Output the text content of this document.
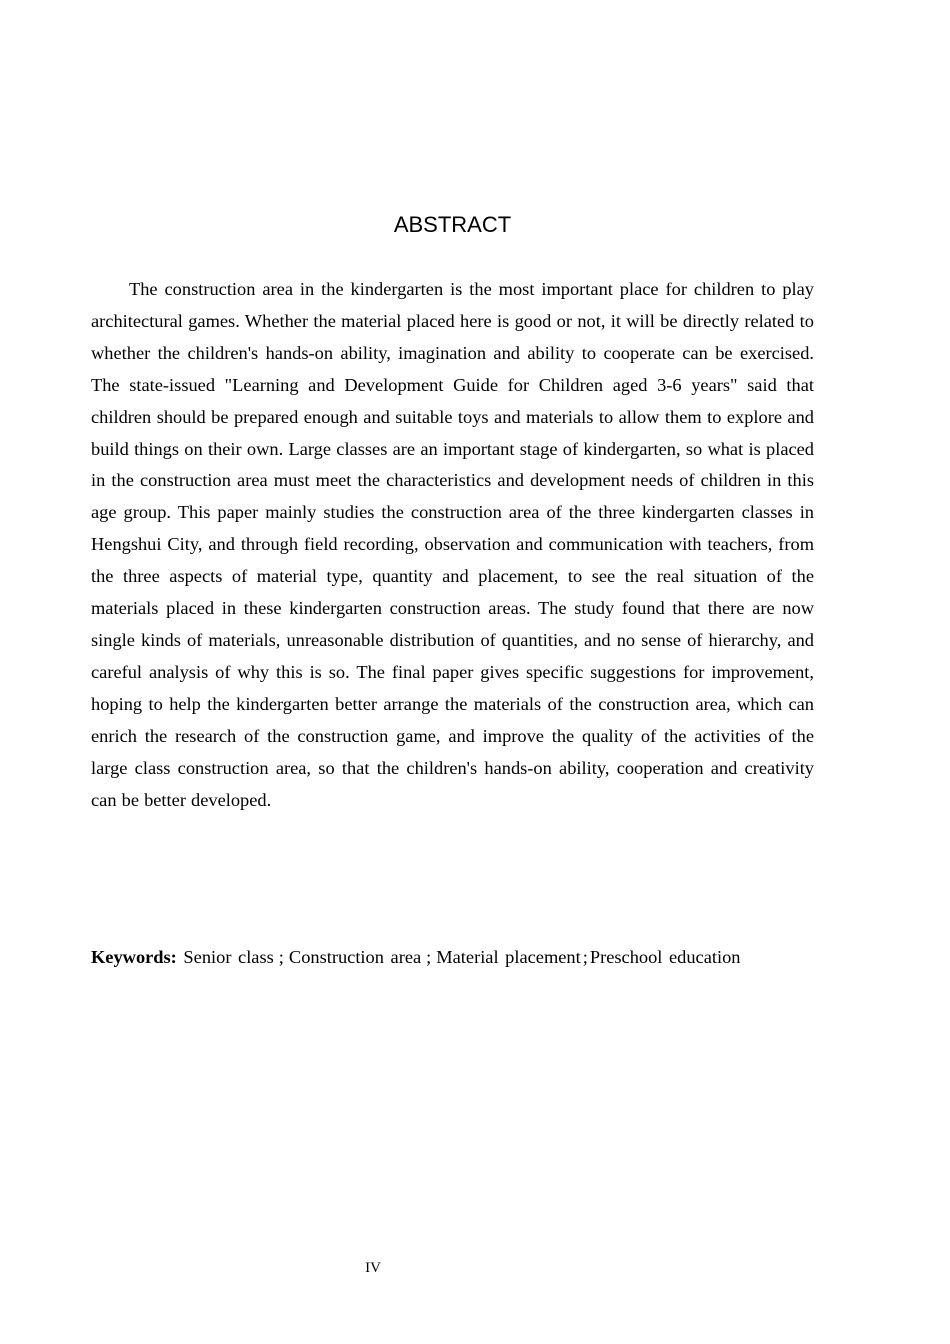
ABSTRACT

The construction area in the kindergarten is the most important place for children to play architectural games. Whether the material placed here is good or not, it will be directly related to whether the children's hands-on ability, imagination and ability to cooperate can be exercised. The state-issued "Learning and Development Guide for Children aged 3-6 years" said that children should be prepared enough and suitable toys and materials to allow them to explore and build things on their own. Large classes are an important stage of kindergarten, so what is placed in the construction area must meet the characteristics and development needs of children in this age group. This paper mainly studies the construction area of the three kindergarten classes in Hengshui City, and through field recording, observation and communication with teachers, from the three aspects of material type, quantity and placement, to see the real situation of the materials placed in these kindergarten construction areas. The study found that there are now single kinds of materials, unreasonable distribution of quantities, and no sense of hierarchy, and careful analysis of why this is so. The final paper gives specific suggestions for improvement, hoping to help the kindergarten better arrange the materials of the construction area, which can enrich the research of the construction game, and improve the quality of the activities of the large class construction area, so that the children's hands-on ability, cooperation and creativity can be better developed.

Keywords: Senior class ; Construction area ; Material placement ; Preschool education

IV
